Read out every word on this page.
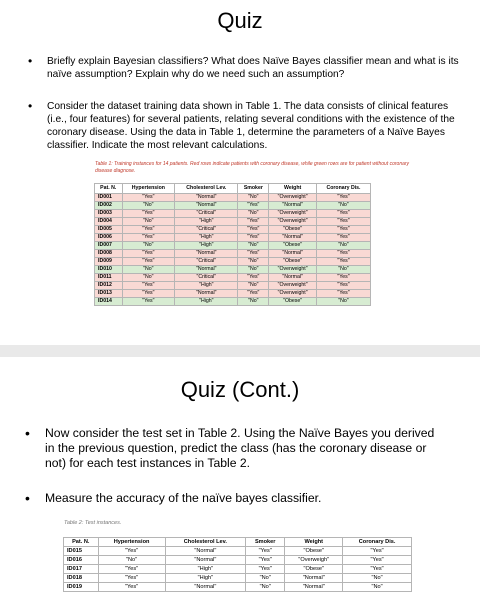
Quiz
• Briefly explain Bayesian classifiers? What does Naïve Bayes classifier mean and what is its naïve assumption? Explain why do we need such an assumption?
• Consider the dataset training data shown in Table 1. The data consists of clinical features (i.e., four features) for several patients, relating several conditions with the existence of the coronary disease. Using the data in Table 1, determine the parameters of a Naïve Bayes classifier. Indicate the most relevant calculations.
Table 1: Training instances for 14 patients. Red rows indicate patients with coronary disease, while green rows are for patient without coronary disease diagnose.
Pat. N.	Hypertension	Cholesterol Lev.	Smoker	Weight	Coronary Dis.
ID001	"Yes"	"Normal"	"No"	"Overweight"	"Yes"
ID002	"No"	"Normal"	"Yes"	"Normal"	"No"
ID003	"Yes"	"Critical"	"No"	"Overweight"	"Yes"
ID004	"No"	"High"	"Yes"	"Overweight"	"Yes"
ID005	"Yes"	"Critical"	"Yes"	"Obese"	"Yes"
ID006	"Yes"	"High"	"Yes"	"Normal"	"Yes"
ID007	"No"	"High"	"No"	"Obese"	"No"
ID008	"Yes"	"Normal"	"Yes"	"Normal"	"Yes"
ID009	"Yes"	"Critical"	"No"	"Obese"	"Yes"
ID010	"No"	"Normal"	"No"	"Overweight"	"No"
ID011	"No"	"Critical"	"Yes"	"Normal"	"Yes"
ID012	"Yes"	"High"	"No"	"Overweight"	"Yes"
ID013	"Yes"	"Normal"	"Yes"	"Overweight"	"Yes"
ID014	"Yes"	"High"	"No"	"Obese"	"No"
Quiz (Cont.)
• Now consider the test set in Table 2. Using the Naïve Bayes you derived in the previous question, predict the class (has the coronary disease or not) for each test instances in Table 2.
• Measure the accuracy of the naïve bayes classifier.
Table 2: Test instances.
Pat. N.	Hypertension	Cholesterol Lev.	Smoker	Weight	Coronary Dis.
ID015	"Yes"	"Normal"	"Yes"	"Obese"	"Yes"
ID016	"No"	"Normal"	"Yes"	"Overweigh"	"Yes"
ID017	"Yes"	"High"	"Yes"	"Obese"	"Yes"
ID018	"Yes"	"High"	"No"	"Normal"	"No"
ID019	"Yes"	"Normal"	"No"	"Normal"	"No"
